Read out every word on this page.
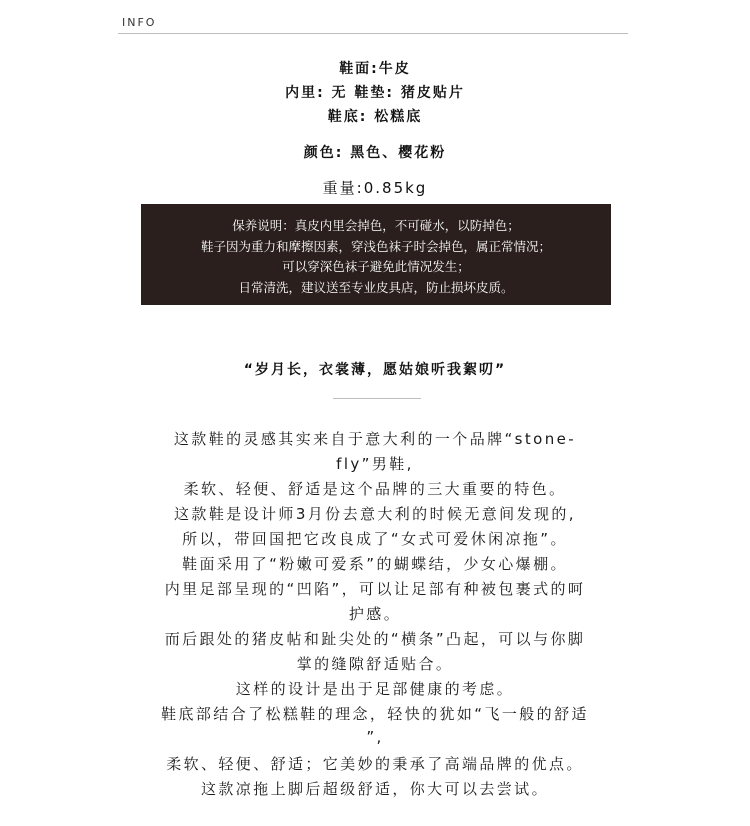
INFO
鞋面:牛皮
内里: 无 鞋垫: 猪皮贴片
鞋底: 松糕底
颜色: 黑色、樱花粉
重量:0.85kg
保养说明：真皮内里会掉色，不可碰水，以防掉色；
鞋子因为重力和摩擦因素，穿浅色袜子时会掉色，属正常情况；
可以穿深色袜子避免此情况发生；
日常清洗，建议送至专业皮具店，防止损坏皮质。
“岁月长，衣裳薄，愿姑娘听我絮叨”
这款鞋的灵感其实来自于意大利的一个品牌“stone-
fly”男鞋,
柔软、轻便、舒适是这个品牌的三大重要的特色。
这款鞋是设计师3月份去意大利的时候无意间发现的,
所以，带回国把它改良成了“女式可爱休闲凉拖”。
鞋面采用了“粉嫩可爱系”的蝴蝶结，少女心爆棚。
内里足部呈现的“凹陷”，可以让足部有种被包裹式的呵
护感。
而后跟处的猪皮帖和趾尖处的“横条”凸起，可以与你脚
掌的缝隙舒适贴合。
这样的设计是出于足部健康的考虑。
鞋底部结合了松糕鞋的理念，轻快的犹如“飞一般的舒适
”,
柔软、轻便、舒适；它美妙的秉承了高端品牌的优点。
这款凉拖上脚后超级舒适，你大可以去尝试。
